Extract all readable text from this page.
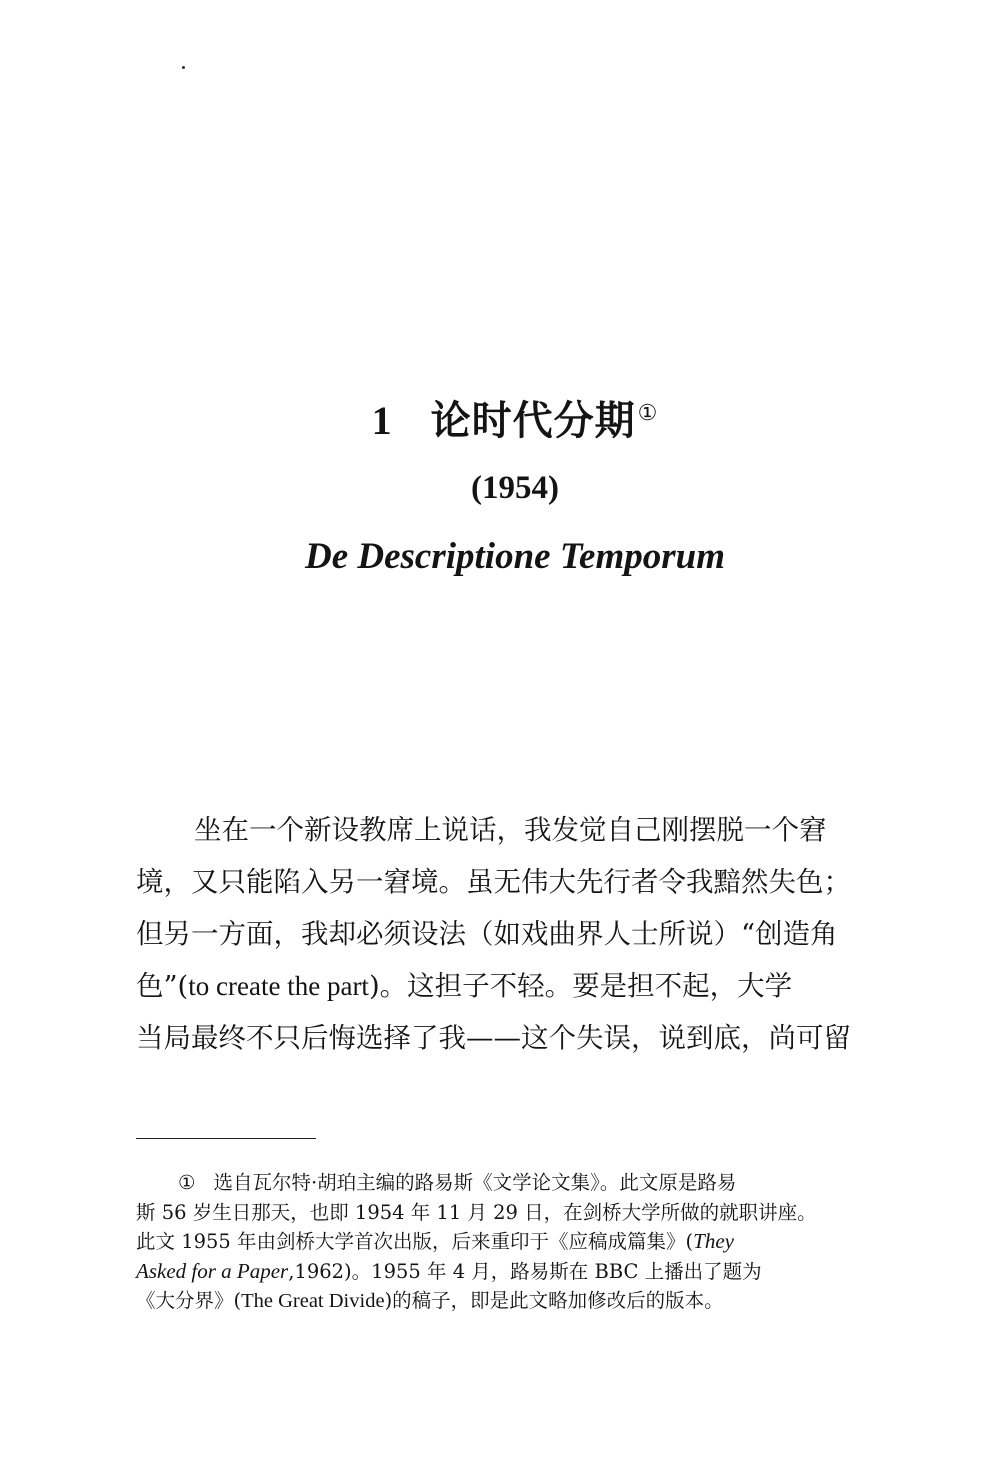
1 论时代分期①
(1954)
De Descriptione Temporum
坐在一个新设教席上说话，我发觉自己刚摆脱一个窘
境，又只能陷入另一窘境。虽无伟大先行者令我黯然失色；
但另一方面，我却必须设法（如戏曲界人士所说）“创造角
色”(to create the part)。这担子不轻。要是担不起，大学
当局最终不只后悔选择了我——这个失误，说到底，尚可留
① 选自瓦尔特·胡珀主编的路易斯《文学论文集》。此文原是路易
斯 56 岁生日那天，也即 1954 年 11 月 29 日，在剑桥大学所做的就职讲座。
此文 1955 年由剑桥大学首次出版，后来重印于《应稿成篇集》(They
Asked for a Paper,1962)。1955 年 4 月，路易斯在 BBC 上播出了题为
《大分界》(The Great Divide)的稿子，即是此文略加修改后的版本。
